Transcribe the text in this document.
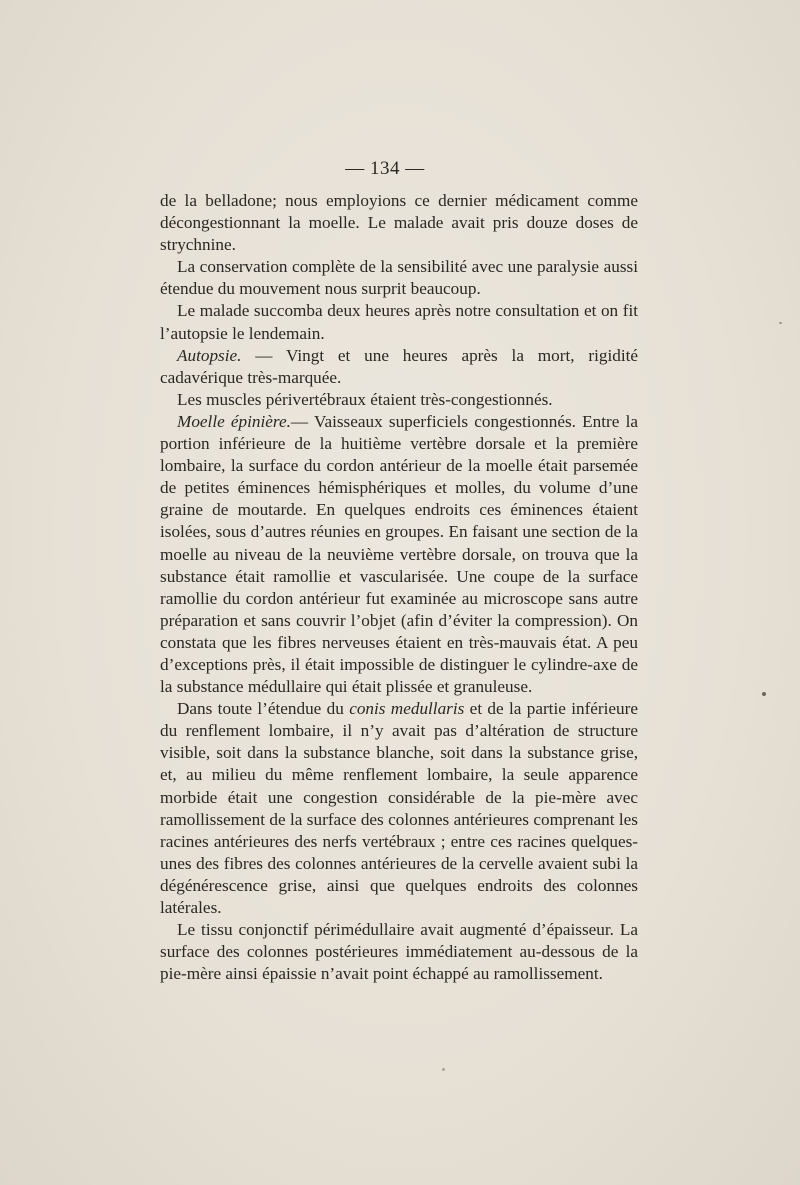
— 134 —

de la belladone; nous employions ce dernier médicament comme décongestionnant la moelle. Le malade avait pris douze doses de strychnine.

La conservation complète de la sensibilité avec une paralysie aussi étendue du mouvement nous surprit beaucoup.

Le malade succomba deux heures après notre consultation et on fit l’autopsie le lendemain.

Autopsie. — Vingt et une heures après la mort, rigidité cadavérique très-marquée.

Les muscles périvertébraux étaient très-congestionnés.

Moelle épinière.— Vaisseaux superficiels congestionnés. Entre la portion inférieure de la huitième vertèbre dorsale et la première lombaire, la surface du cordon antérieur de la moelle était parsemée de petites éminences hémisphériques et molles, du volume d’une graine de moutarde. En quelques endroits ces éminences étaient isolées, sous d’autres réunies en groupes. En faisant une section de la moelle au niveau de la neuvième vertèbre dorsale, on trouva que la substance était ramollie et vascularisée. Une coupe de la surface ramollie du cordon antérieur fut examinée au microscope sans autre préparation et sans couvrir l’objet (afin d’éviter la compression). On constata que les fibres nerveuses étaient en très-mauvais état. A peu d’exceptions près, il était impossible de distinguer le cylindre-axe de la substance médullaire qui était plissée et granuleuse.

Dans toute l’étendue du conis medullaris et de la partie inférieure du renflement lombaire, il n’y avait pas d’altération de structure visible, soit dans la substance blanche, soit dans la substance grise, et, au milieu du même renflement lombaire, la seule apparence morbide était une congestion considérable de la pie-mère avec ramollissement de la surface des colonnes antérieures comprenant les racines antérieures des nerfs vertébraux ; entre ces racines quelques-unes des fibres des colonnes antérieures de la cervelle avaient subi la dégénérescence grise, ainsi que quelques endroits des colonnes latérales.

Le tissu conjonctif périmédullaire avait augmenté d’épaisseur. La surface des colonnes postérieures immédiatement au-dessous de la pie-mère ainsi épaissie n’avait point échappé au ramollissement.
